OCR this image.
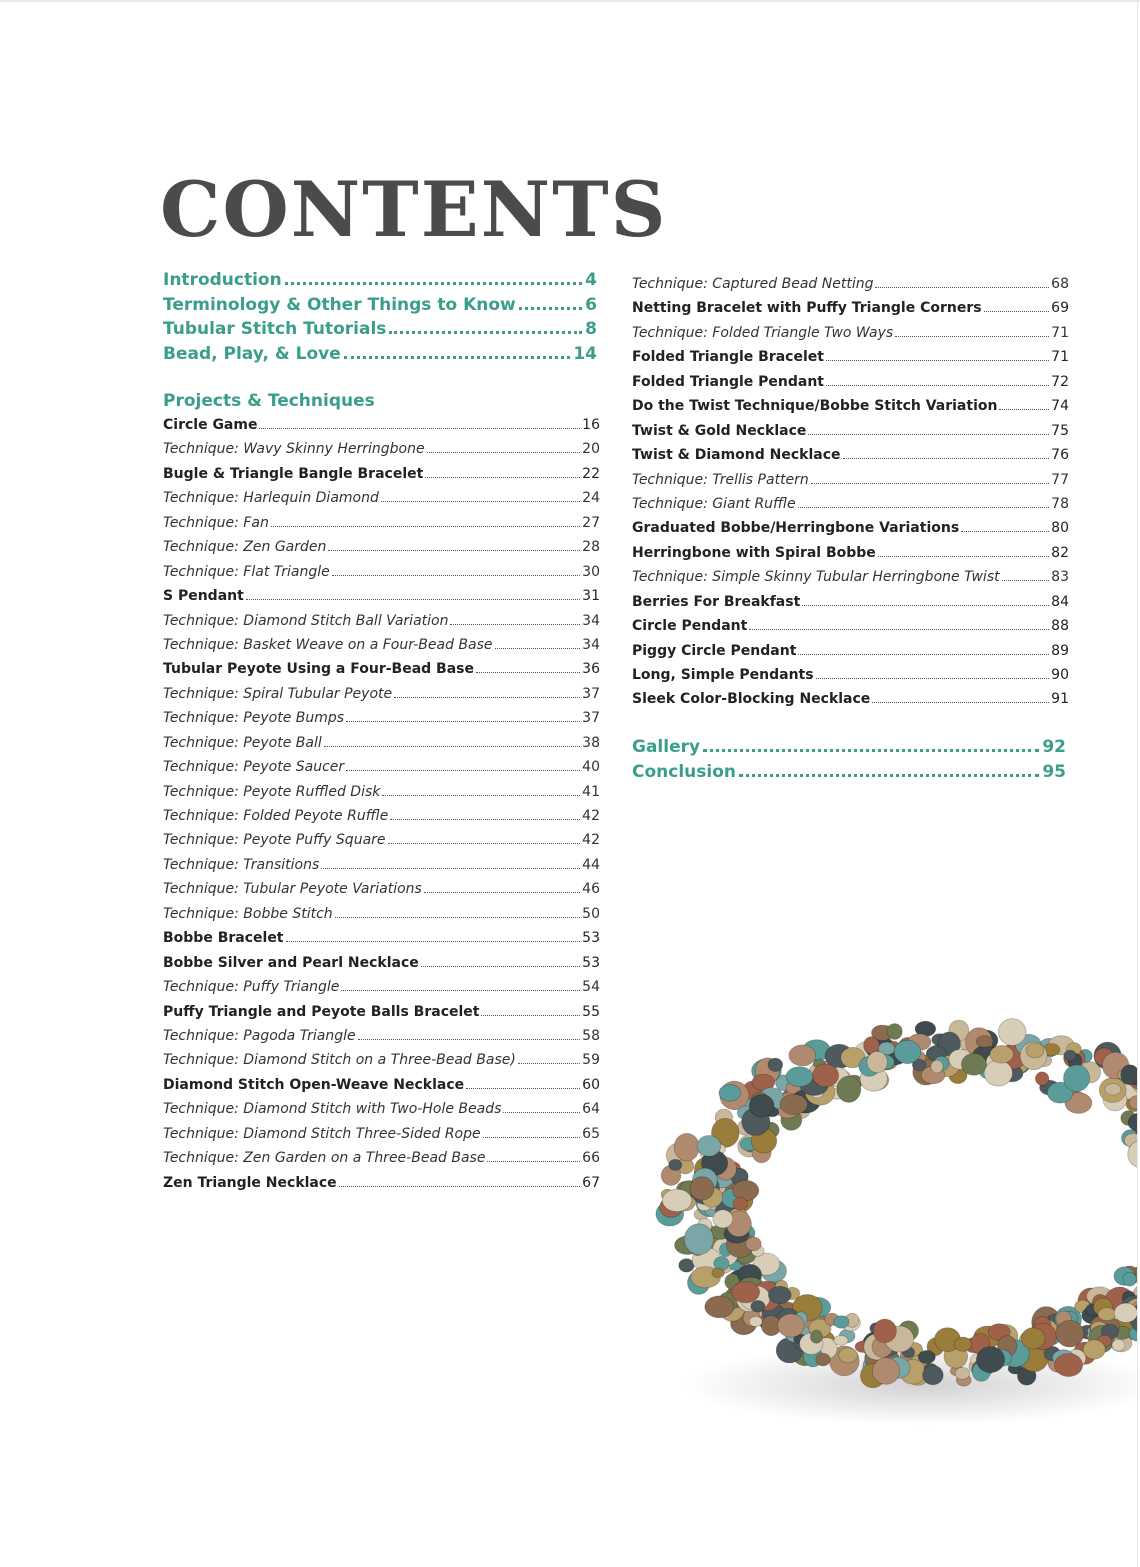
CONTENTS
Introduction	4
Terminology & Other Things to Know	6
Tubular Stitch Tutorials	8
Bead, Play, & Love	14
Projects & Techniques
Circle Game	16
Technique: Wavy Skinny Herringbone	20
Bugle & Triangle Bangle Bracelet	22
Technique: Harlequin Diamond	24
Technique: Fan	27
Technique: Zen Garden	28
Technique: Flat Triangle	30
S Pendant	31
Technique: Diamond Stitch Ball Variation	34
Technique: Basket Weave on a Four-Bead Base	34
Tubular Peyote Using a Four-Bead Base	36
Technique: Spiral Tubular Peyote	37
Technique: Peyote Bumps	37
Technique: Peyote Ball	38
Technique: Peyote Saucer	40
Technique: Peyote Ruffled Disk	41
Technique: Folded Peyote Ruffle	42
Technique: Peyote Puffy Square	42
Technique: Transitions	44
Technique: Tubular Peyote Variations	46
Technique: Bobbe Stitch	50
Bobbe Bracelet	53
Bobbe Silver and Pearl Necklace	53
Technique: Puffy Triangle	54
Puffy Triangle and Peyote Balls Bracelet	55
Technique: Pagoda Triangle	58
Technique: Diamond Stitch on a Three-Bead Base)	59
Diamond Stitch Open-Weave Necklace	60
Technique: Diamond Stitch with Two-Hole Beads	64
Technique: Diamond Stitch Three-Sided Rope	65
Technique: Zen Garden on a Three-Bead Base	66
Zen Triangle Necklace	67
Technique: Captured Bead Netting	68
Netting Bracelet with Puffy Triangle Corners	69
Technique: Folded Triangle Two Ways	71
Folded Triangle Bracelet	71
Folded Triangle Pendant	72
Do the Twist Technique/Bobbe Stitch Variation	74
Twist & Gold Necklace	75
Twist & Diamond Necklace	76
Technique: Trellis Pattern	77
Technique: Giant Ruffle	78
Graduated Bobbe/Herringbone Variations	80
Herringbone with Spiral Bobbe	82
Technique: Simple Skinny Tubular Herringbone Twist	83
Berries For Breakfast	84
Circle Pendant	88
Piggy Circle Pendant	89
Long, Simple Pendants	90
Sleek Color-Blocking Necklace	91
Gallery	92
Conclusion	95
